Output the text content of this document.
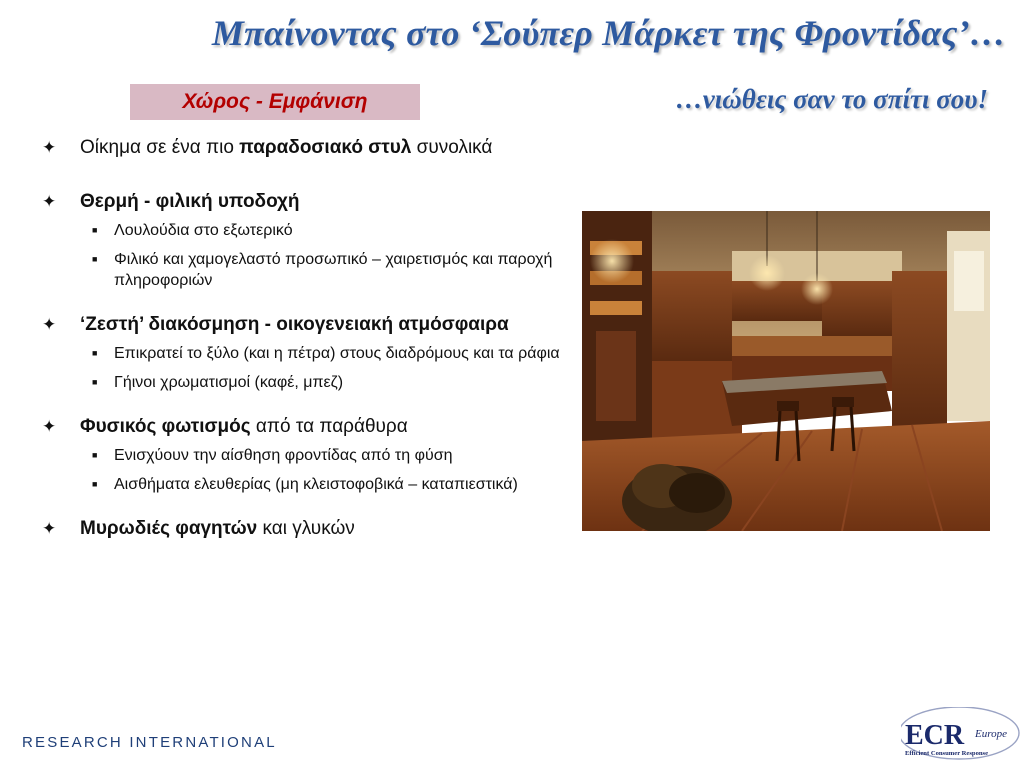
Μπαίνοντας στο ‘Σούπερ Μάρκετ της Φροντίδας’…
Χώρος - Εμφάνιση	…νιώθεις σαν το σπίτι σου!
✦	Οίκημα σε ένα πιο παραδοσιακό στυλ συνολικά
✦	Θερμή - φιλική υποδοχή
■ Λουλούδια στο εξωτερικό
■ Φιλικό και χαμογελαστό προσωπικό – χαιρετισμός και παροχή πληροφοριών
✦	‘Ζεστή’ διακόσμηση - οικογενειακή ατμόσφαιρα
■ Επικρατεί το ξύλο (και η πέτρα) στους διαδρόμους και τα ράφια
■ Γήινοι χρωματισμοί (καφέ, μπεζ)
✦	Φυσικός φωτισμός από τα παράθυρα
■ Ενισχύουν την αίσθηση φροντίδας από τη φύση
■ Αισθήματα ελευθερίας (μη κλειστοφοβικά – καταπιεστικά)
✦	Μυρωδιές φαγητών και γλυκών
RESEARCH INTERNATIONAL	ECR Europe
Efficient Consumer Response
